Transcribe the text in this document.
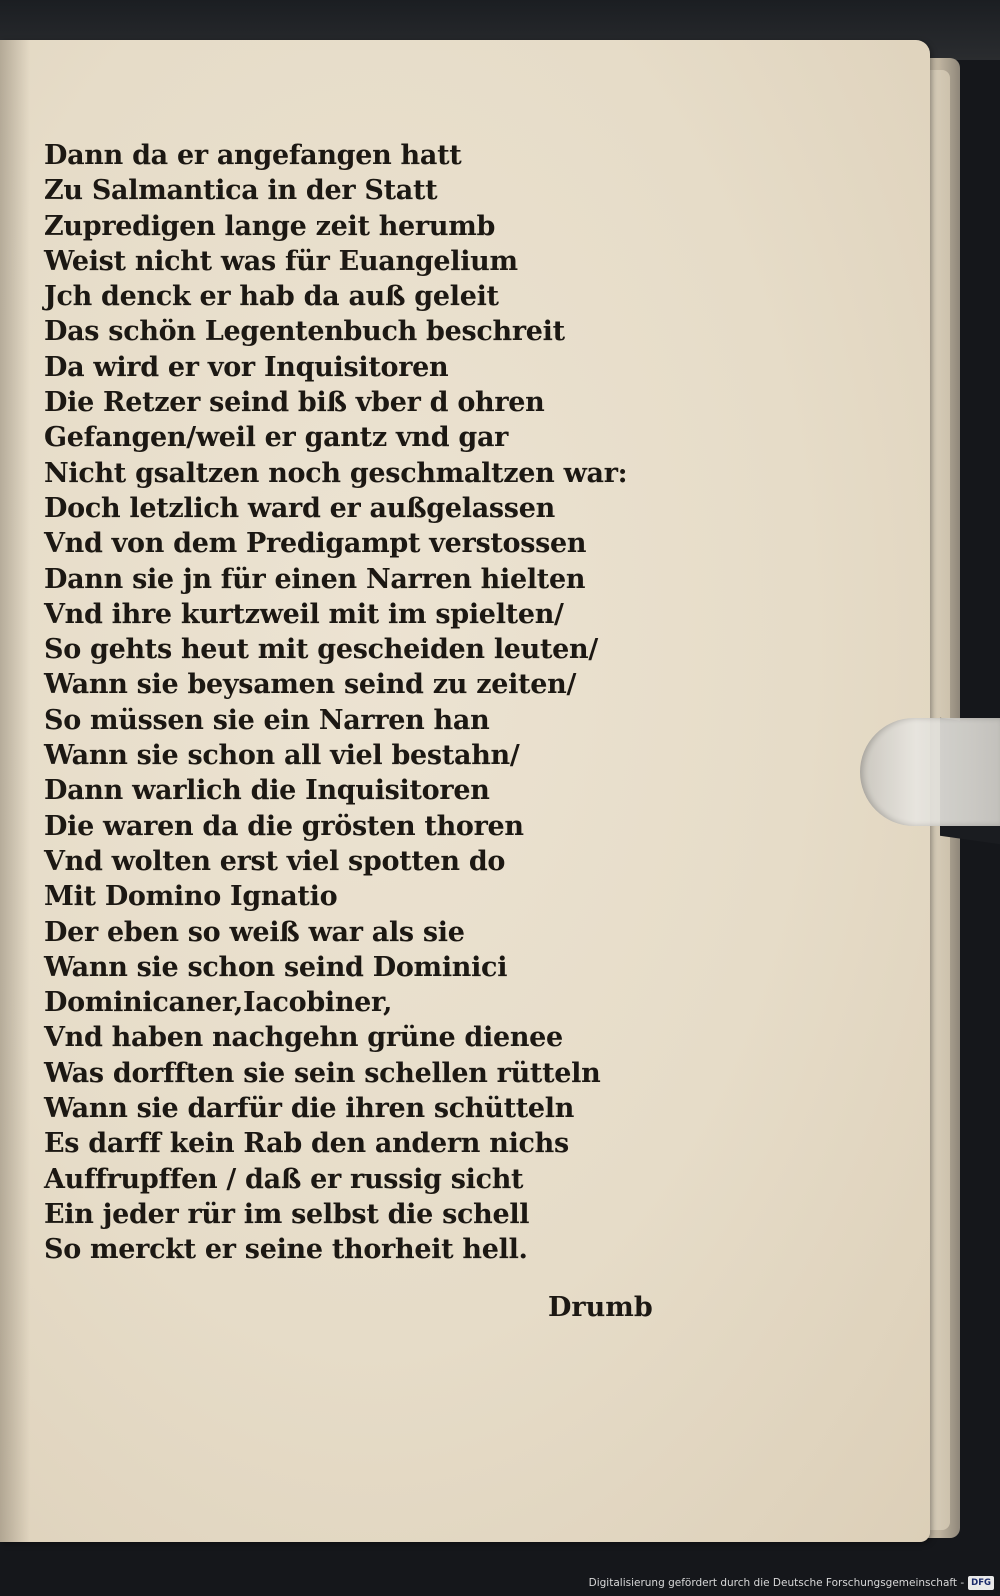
Dann da er angefangen hatt
Zu Salmantica in der Statt
Zupredigen lange zeit herumb
Weist nicht was für Euangelium
Jch denck er hab da auß geleit
Das schön Legentenbuch beschreit
Da wird er vor Inquisitoren
Die Retzer seind biß vber d ohren
Gefangen/weil er gantz vnd gar
Nicht gsaltzen noch geschmaltzen war:
Doch letzlich ward er außgelassen
Vnd von dem Predigampt verstossen
Dann sie jn für einen Narren hielten
Vnd ihre kurtzweil mit im spielten/
So gehts heut mit gescheiden leuten/
Wann sie beysamen seind zu zeiten/
So müssen sie ein Narren han
Wann sie schon all viel bestahn/
Dann warlich die Inquisitoren
Die waren da die grösten thoren
Vnd wolten erst viel spotten do
Mit Domino Ignatio
Der eben so weiß war als sie
Wann sie schon seind Dominici
Dominicaner,Iacobiner,
Vnd haben nachgehn grüne dienee
Was dorfften sie sein schellen rütteln
Wann sie darfür die ihren schütteln
Es darff kein Rab den andern nichs
Auffrupffen / daß er russig sicht
Ein jeder rür im selbst die schell
So merckt er seine thorheit hell.
Drumb
Digitalisierung gefördert durch die Deutsche Forschungsgemeinschaft - DFG
